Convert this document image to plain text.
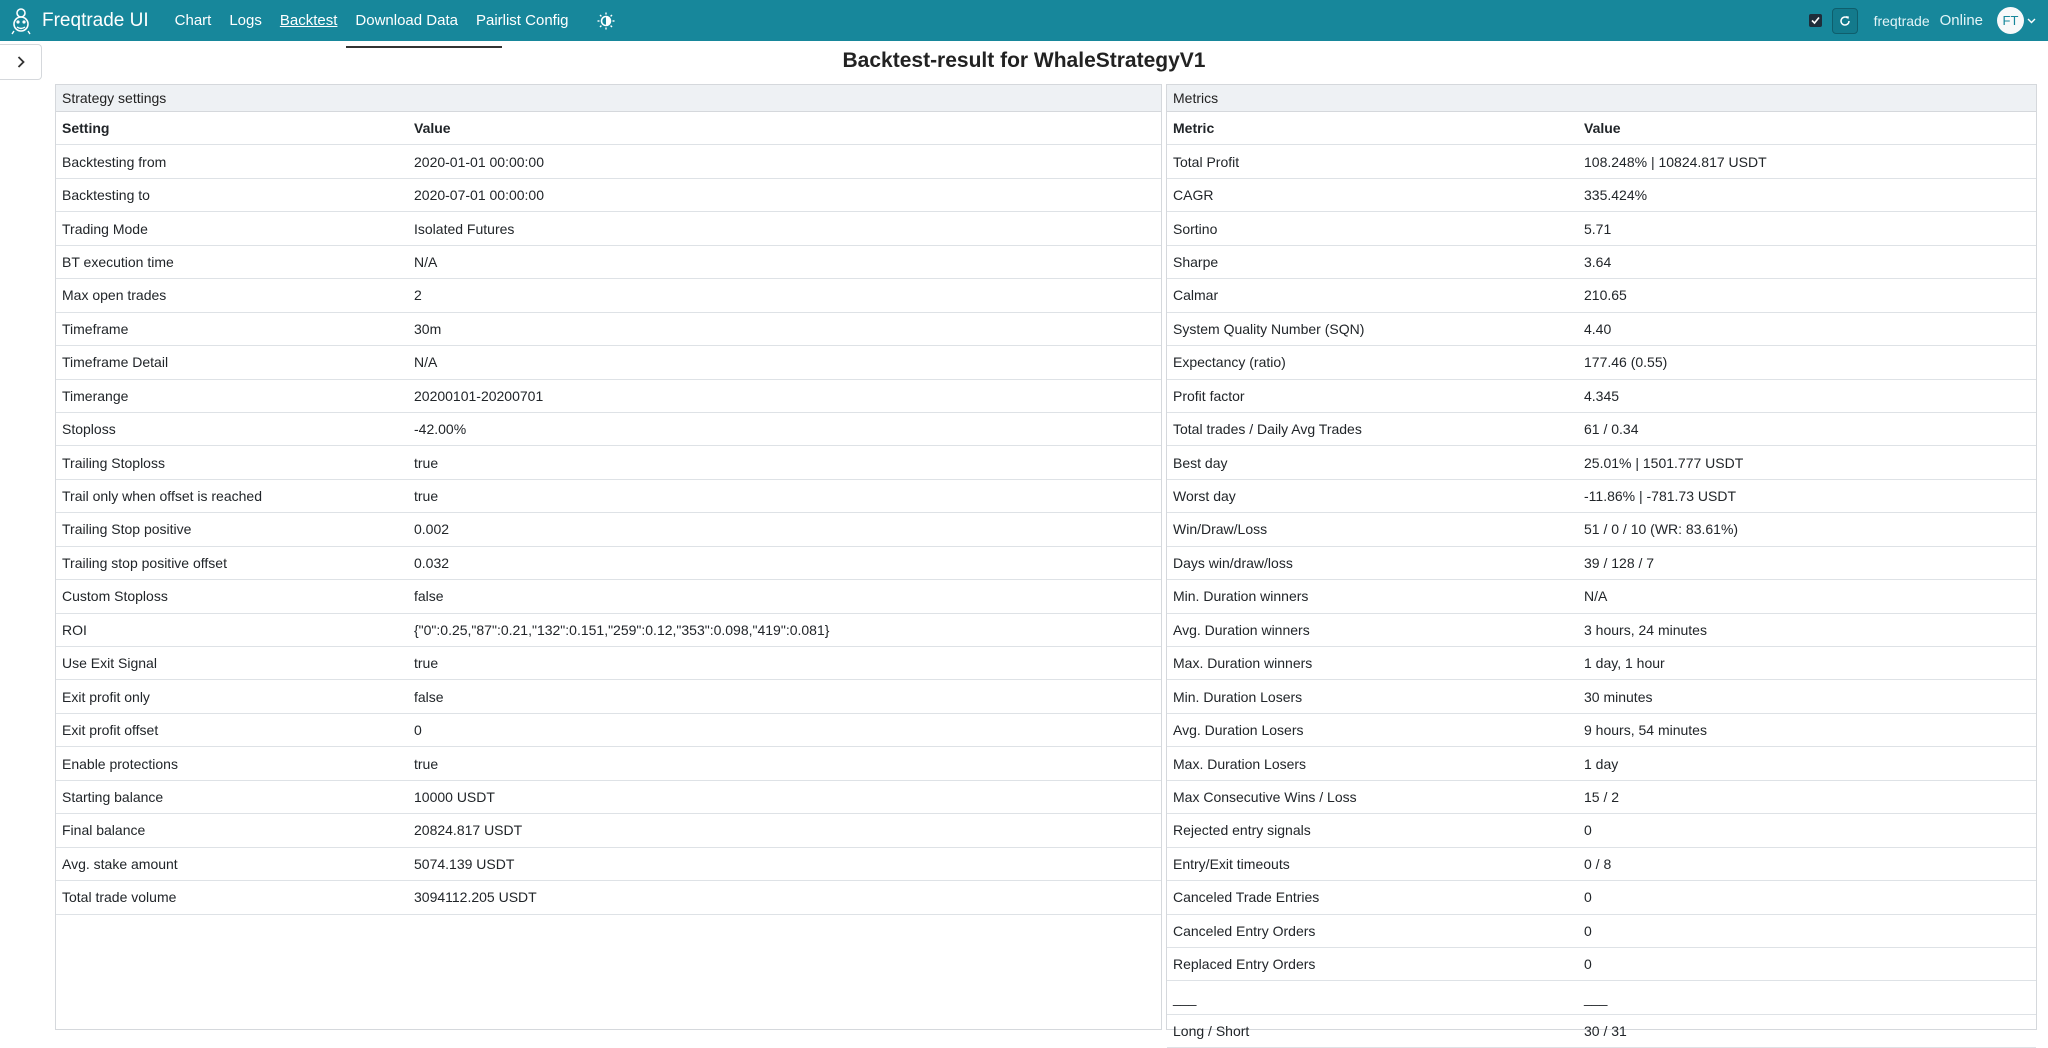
Freqtrade UI Chart Logs Backtest Download Data Pairlist Config	freqtrade Online	FT
Backtest-result for WhaleStrategyV1
Strategy settings
Setting	Value
Backtesting from	2020-01-01 00:00:00
Backtesting to	2020-07-01 00:00:00
Trading Mode	Isolated Futures
BT execution time	N/A
Max open trades	2
Timeframe	30m
Timeframe Detail	N/A
Timerange	20200101-20200701
Stoploss	-42.00%
Trailing Stoploss	true
Trail only when offset is reached	true
Trailing Stop positive	0.002
Trailing stop positive offset	0.032
Custom Stoploss	false
ROI	{"0":0.25,"87":0.21,"132":0.151,"259":0.12,"353":0.098,"419":0.081}
Use Exit Signal	true
Exit profit only	false
Exit profit offset	0
Enable protections	true
Starting balance	10000 USDT
Final balance	20824.817 USDT
Avg. stake amount	5074.139 USDT
Total trade volume	3094112.205 USDT
Metrics
Metric	Value
Total Profit	108.248% | 10824.817 USDT
CAGR	335.424%
Sortino	5.71
Sharpe	3.64
Calmar	210.65
System Quality Number (SQN)	4.40
Expectancy (ratio)	177.46 (0.55)
Profit factor	4.345
Total trades / Daily Avg Trades	61 / 0.34
Best day	25.01% | 1501.777 USDT
Worst day	-11.86% | -781.73 USDT
Win/Draw/Loss	51 / 0 / 10 (WR: 83.61%)
Days win/draw/loss	39 / 128 / 7
Min. Duration winners	N/A
Avg. Duration winners	3 hours, 24 minutes
Max. Duration winners	1 day, 1 hour
Min. Duration Losers	30 minutes
Avg. Duration Losers	9 hours, 54 minutes
Max. Duration Losers	1 day
Max Consecutive Wins / Loss	15 / 2
Rejected entry signals	0
Entry/Exit timeouts	0 / 8
Canceled Trade Entries	0
Canceled Entry Orders	0
Replaced Entry Orders	0
___	___
Long / Short	30 / 31
